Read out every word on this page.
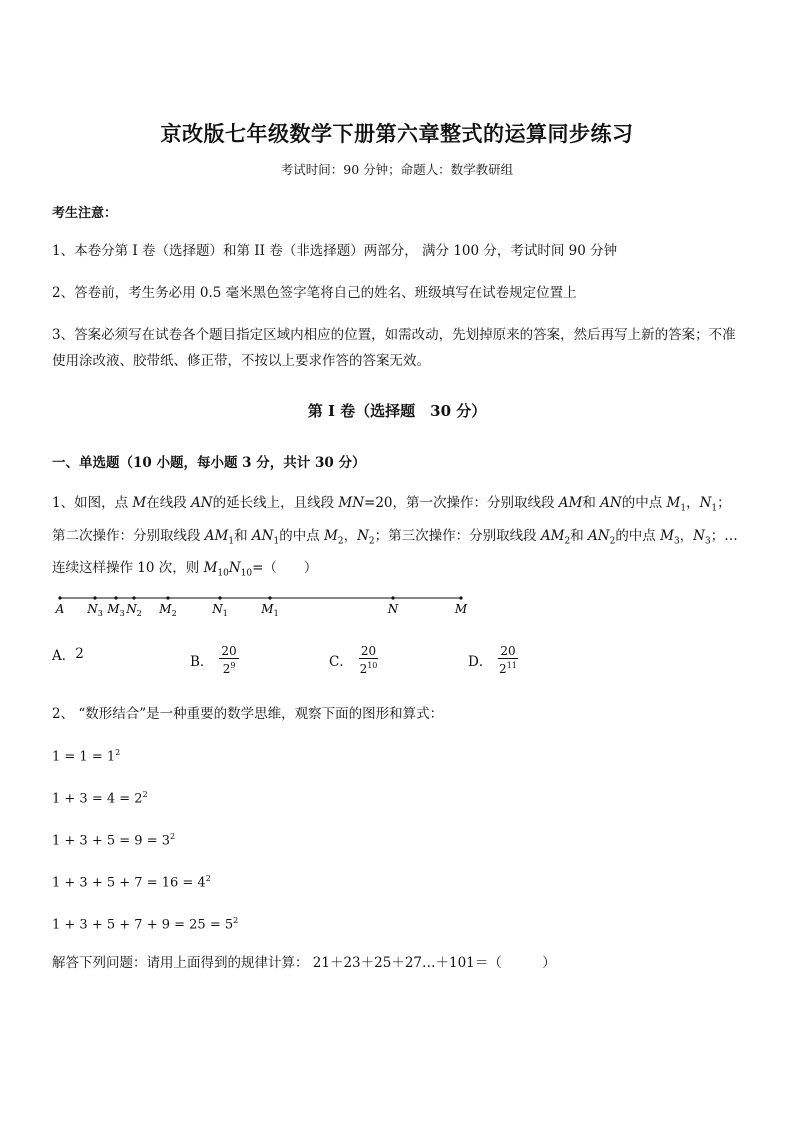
京改版七年级数学下册第六章整式的运算同步练习
考试时间：90 分钟；命题人：数学教研组
考生注意：
1、本卷分第 I 卷（选择题）和第 II 卷（非选择题）两部分， 满分 100 分，考试时间 90 分钟
2、答卷前，考生务必用 0.5 毫米黑色签字笔将自己的姓名、班级填写在试卷规定位置上
3、答案必须写在试卷各个题目指定区域内相应的位置，如需改动，先划掉原来的答案，然后再写上新的答案；不准使用涂改液、胶带纸、修正带，不按以上要求作答的答案无效。
第 I 卷（选择题　30 分）
一、单选题（10 小题，每小题 3 分，共计 30 分）
1、如图，点 M在线段 AN的延长线上，且线段 MN=20，第一次操作：分别取线段 AM和 AN的中点 $M_1$，$N_1$；第二次操作：分别取线段 $AM_1$和 $AN_1$的中点 $M_2$，$N_2$；第三次操作：分别取线段 $AM_2$和 $AN_2$的中点 $M_3$，$N_3$；…连续这样操作 10 次，则 $M_{10}N_{10}=$（　　）
A $N_3$ $M_3$ $N_2$ $M_2$	$N_1$	$M_1$	N	M
A． 2	B． $\frac{20}{2^9}$	C． $\frac{20}{2^{10}}$	D． $\frac{20}{2^{11}}$
2、 “数形结合”是一种重要的数学思维，观察下面的图形和算式：
$1 = 1 = 1^2$
$1 + 3 = 4 = 2^2$
$1 + 3 + 5 = 9 = 3^2$
$1 + 3 + 5 + 7 = 16 = 4^2$
$1 + 3 + 5 + 7 + 9 = 25 = 5^2$
解答下列问题：请用上面得到的规律计算： 21＋23＋25＋27…＋101＝（　　　）
